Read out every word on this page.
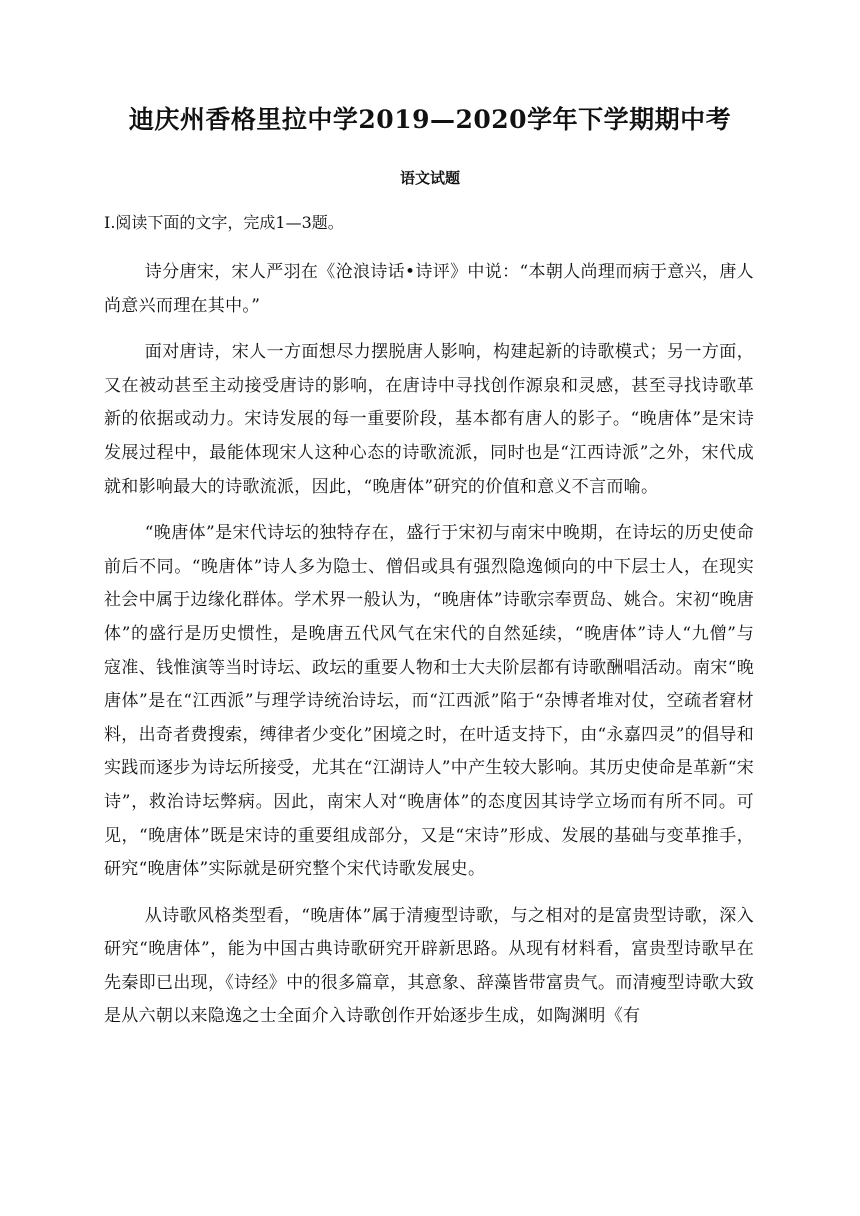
迪庆州香格里拉中学2019—2020学年下学期期中考
语文试题

I.阅读下面的文字，完成1—3题。

诗分唐宋，宋人严羽在《沧浪诗话•诗评》中说：“本朝人尚理而病于意兴，唐人尚意兴而理在其中。”

面对唐诗，宋人一方面想尽力摆脱唐人影响，构建起新的诗歌模式；另一方面，又在被动甚至主动接受唐诗的影响，在唐诗中寻找创作源泉和灵感，甚至寻找诗歌革新的依据或动力。宋诗发展的每一重要阶段，基本都有唐人的影子。“晚唐体”是宋诗发展过程中，最能体现宋人这种心态的诗歌流派，同时也是“江西诗派”之外，宋代成就和影响最大的诗歌流派，因此，“晚唐体”研究的价值和意义不言而喻。

“晚唐体”是宋代诗坛的独特存在，盛行于宋初与南宋中晚期，在诗坛的历史使命前后不同。“晚唐体”诗人多为隐士、僧侣或具有强烈隐逸倾向的中下层士人，在现实社会中属于边缘化群体。学术界一般认为，“晚唐体”诗歌宗奉贾岛、姚合。宋初“晚唐体”的盛行是历史惯性，是晚唐五代风气在宋代的自然延续，“晚唐体”诗人“九僧”与寇准、钱惟演等当时诗坛、政坛的重要人物和士大夫阶层都有诗歌酬唱活动。南宋“晚唐体”是在“江西派”与理学诗统治诗坛，而“江西派”陷于“杂博者堆对仗，空疏者窘材料，出奇者费搜索，缚律者少变化”困境之时，在叶适支持下，由“永嘉四灵”的倡导和实践而逐步为诗坛所接受，尤其在“江湖诗人”中产生较大影响。其历史使命是革新“宋诗”，救治诗坛弊病。因此，南宋人对“晚唐体”的态度因其诗学立场而有所不同。可见，“晚唐体”既是宋诗的重要组成部分，又是“宋诗”形成、发展的基础与变革推手，研究“晚唐体”实际就是研究整个宋代诗歌发展史。

从诗歌风格类型看，“晚唐体”属于清瘦型诗歌，与之相对的是富贵型诗歌，深入研究“晚唐体”，能为中国古典诗歌研究开辟新思路。从现有材料看，富贵型诗歌早在先秦即已出现，《诗经》中的很多篇章，其意象、辞藻皆带富贵气。而清瘦型诗歌大致是从六朝以来隐逸之士全面介入诗歌创作开始逐步生成，如陶渊明《有
